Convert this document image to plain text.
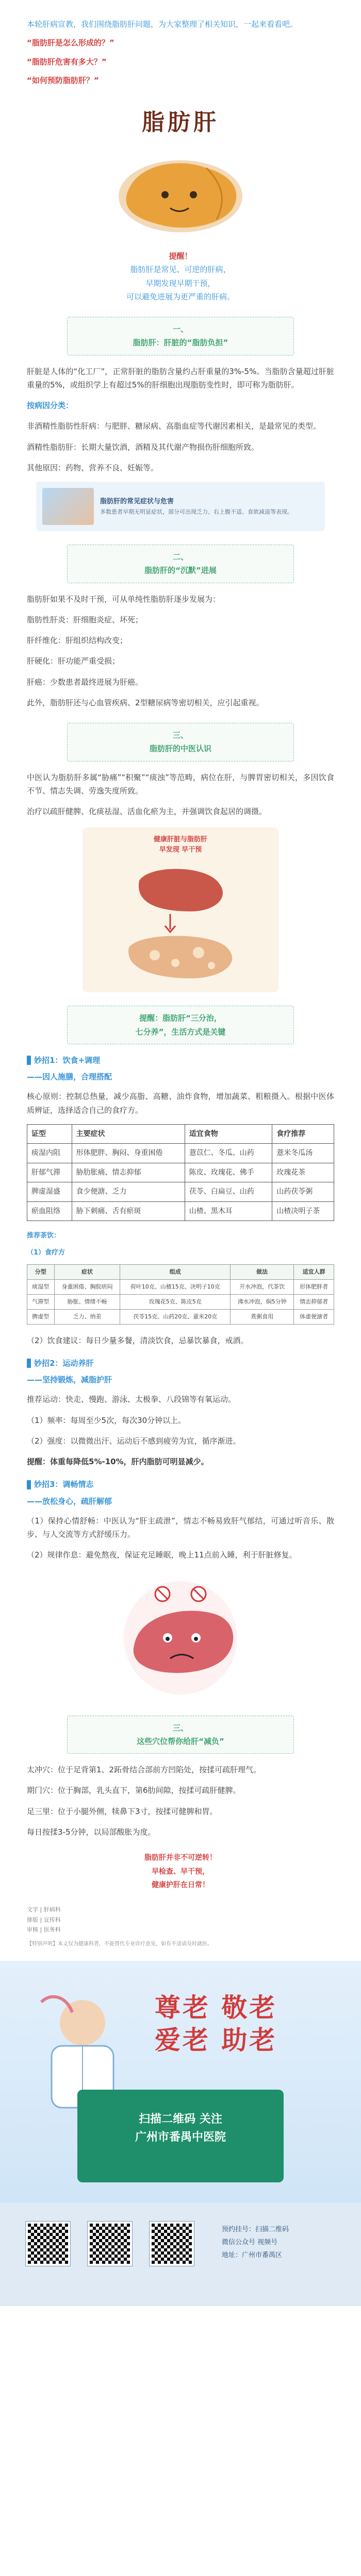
本轮肝病宣教，我们围绕脂肪肝问题，为大家整理了相关知识，一起来看看吧。

“脂肪肝是怎么形成的？”

“脂肪肝危害有多大？”

“如何预防脂肪肝？”

脂肪肝

提醒！

脂肪肝是常见、可逆的肝病，

早期发现早期干预，

可以避免进展为更严重的肝病。

一、
脂肪肝：肝脏的“脂肪负担”

肝脏是人体的“化工厂”，正常肝脏的脂肪含量约占肝重量的3%-5%。当脂肪含量超过肝脏重量的5%，或组织学上有超过5%的肝细胞出现脂肪变性时，即可称为脂肪肝。

按病因分类：

非酒精性脂肪性肝病：与肥胖、糖尿病、高脂血症等代谢因素相关，是最常见的类型。

酒精性脂肪肝：长期大量饮酒，酒精及其代谢产物损伤肝细胞所致。

其他原因：药物、营养不良、妊娠等。

脂肪肝的常见症状与危害
多数患者早期无明显症状，部分可出现乏力、右上腹不适、食欲减退等表现。
二、
脂肪肝的“沉默”进展

脂肪肝如果不及时干预，可从单纯性脂肪肝逐步发展为：

脂肪性肝炎：肝细胞炎症、坏死；

肝纤维化：肝组织结构改变；

肝硬化：肝功能严重受损；

肝癌：少数患者最终进展为肝癌。

此外，脂肪肝还与心血管疾病、2型糖尿病等密切相关，应引起重视。

三、
脂肪肝的中医认识

中医认为脂肪肝多属“胁痛”“积聚”“痰浊”等范畴，病位在肝，与脾胃密切相关，多因饮食不节、情志失调、劳逸失度所致。

治疗以疏肝健脾、化痰祛湿、活血化瘀为主，并强调饮食起居的调摄。

健康肝脏与脂肪肝

早发现 早干预

提醒：脂肪肝“三分治，
七分养”，生活方式是关键
妙招1：饮食+调理
——因人施膳，合理搭配

核心原则：控制总热量，减少高脂、高糖、油炸食物，增加蔬菜、粗粮摄入。根据中医体质辨证，选择适合自己的食疗方。

证型	主要症状	适宜食物	食疗推荐
痰湿内阻	形体肥胖、胸闷、身重困倦	薏苡仁、冬瓜、山药	薏米冬瓜汤
肝郁气滞	胁肋胀痛、情志抑郁	陈皮、玫瑰花、佛手	玫瑰花茶
脾虚湿盛	食少便溏、乏力	茯苓、白扁豆、山药	山药茯苓粥
瘀血阻络	胁下刺痛、舌有瘀斑	山楂、黑木耳	山楂决明子茶
推荐茶饮：
（1）食疗方
分型	症状	组成	做法	适宜人群
痰湿型	身重困倦、胸脘痞闷	荷叶10克、山楂15克、决明子10克	开水冲泡，代茶饮	形体肥胖者
气滞型	胁胀、情绪不畅	玫瑰花5克、陈皮5克	沸水冲泡，焖5分钟	情志抑郁者
脾虚型	乏力、纳差	茯苓15克、山药20克、薏米20克	煮粥食用	体虚便溏者

（2）饮食建议：每日少量多餐，清淡饮食，忌暴饮暴食，戒酒。

妙招2：运动养肝
——坚持锻炼，减脂护肝

推荐运动：快走、慢跑、游泳、太极拳、八段锦等有氧运动。

（1）频率：每周至少5次，每次30分钟以上。

（2）强度：以微微出汗、运动后不感到疲劳为宜，循序渐进。

提醒：体重每降低5%-10%，肝内脂肪可明显减少。

妙招3：调畅情志
——放松身心，疏肝解郁

（1）保持心情舒畅：中医认为“肝主疏泄”，情志不畅易致肝气郁结，可通过听音乐、散步、与人交流等方式舒缓压力。

（2）规律作息：避免熬夜，保证充足睡眠，晚上11点前入睡，利于肝脏修复。

三、
这些穴位帮你给肝“减负”

太冲穴：位于足背第1、2跖骨结合部前方凹陷处，按揉可疏肝理气。

期门穴：位于胸部，乳头直下，第6肋间隙，按揉可疏肝健脾。

足三里：位于小腿外侧，犊鼻下3寸，按揉可健脾和胃。

每日按揉3-5分钟，以局部酸胀为度。

脂肪肝并非不可逆转！

早检查、早干预，

健康护肝在日常！

文字 | 肝病科

排版 | 宣传科

审核 | 医务科

【特别声明】本文仅为健康科普，不能替代专业诊疗意见，如有不适请及时就医。

尊老 敬老

爱老 助老

扫描二维码 关注

广州市番禺中医院

预约挂号：扫描二维码

微信公众号 视频号

地址：广州市番禺区
